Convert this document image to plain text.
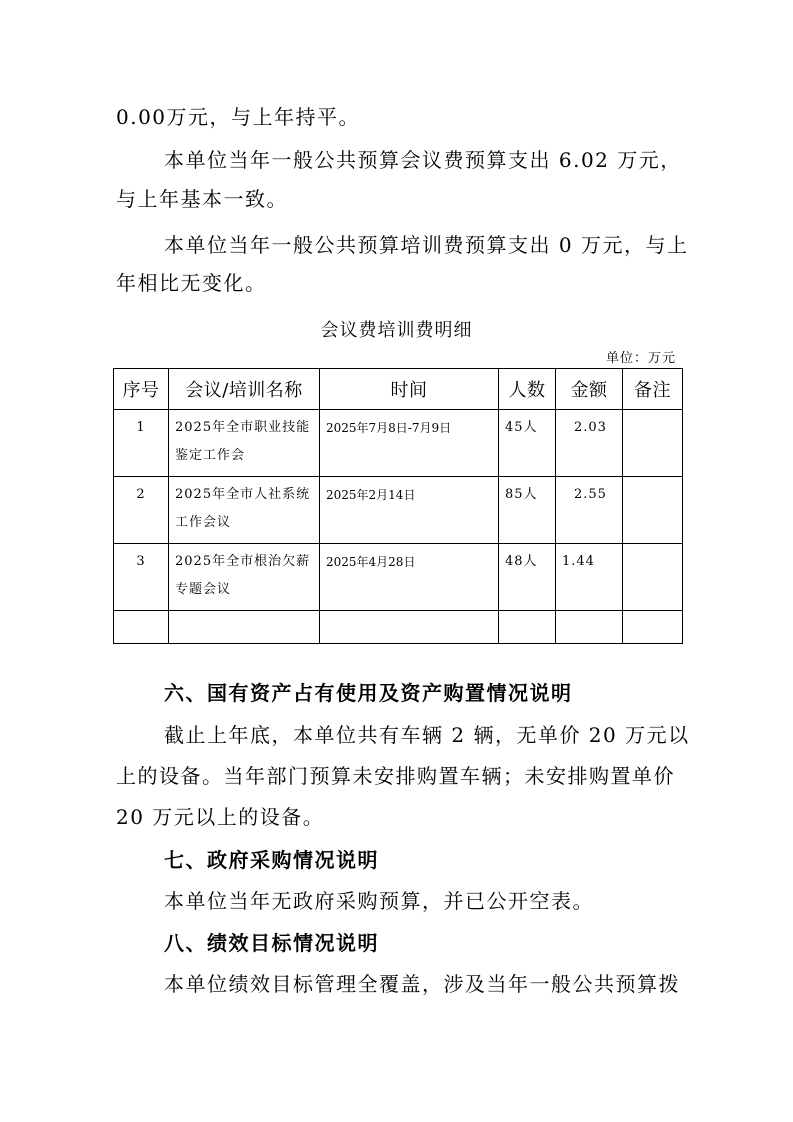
0.00万元，与上年持平。
本单位当年一般公共预算会议费预算支出 6.02 万元，
与上年基本一致。
本单位当年一般公共预算培训费预算支出 0 万元，与上
年相比无变化。
会议费培训费明细
单位：万元
序号	会议/培训名称	时间	人数	金额	备注
1	2025年全市职业技能鉴定工作会	2025年7月8日-7月9日	45人	2.03	
2	2025年全市人社系统工作会议	2025年2月14日	85人	2.55	
3	2025年全市根治欠薪专题会议	2025年4月28日	48人	1.44	

六、国有资产占有使用及资产购置情况说明
截止上年底，本单位共有车辆 2 辆，无单价 20 万元以
上的设备。当年部门预算未安排购置车辆；未安排购置单价
20 万元以上的设备。
七、政府采购情况说明
本单位当年无政府采购预算，并已公开空表。
八、绩效目标情况说明
本单位绩效目标管理全覆盖，涉及当年一般公共预算拨
